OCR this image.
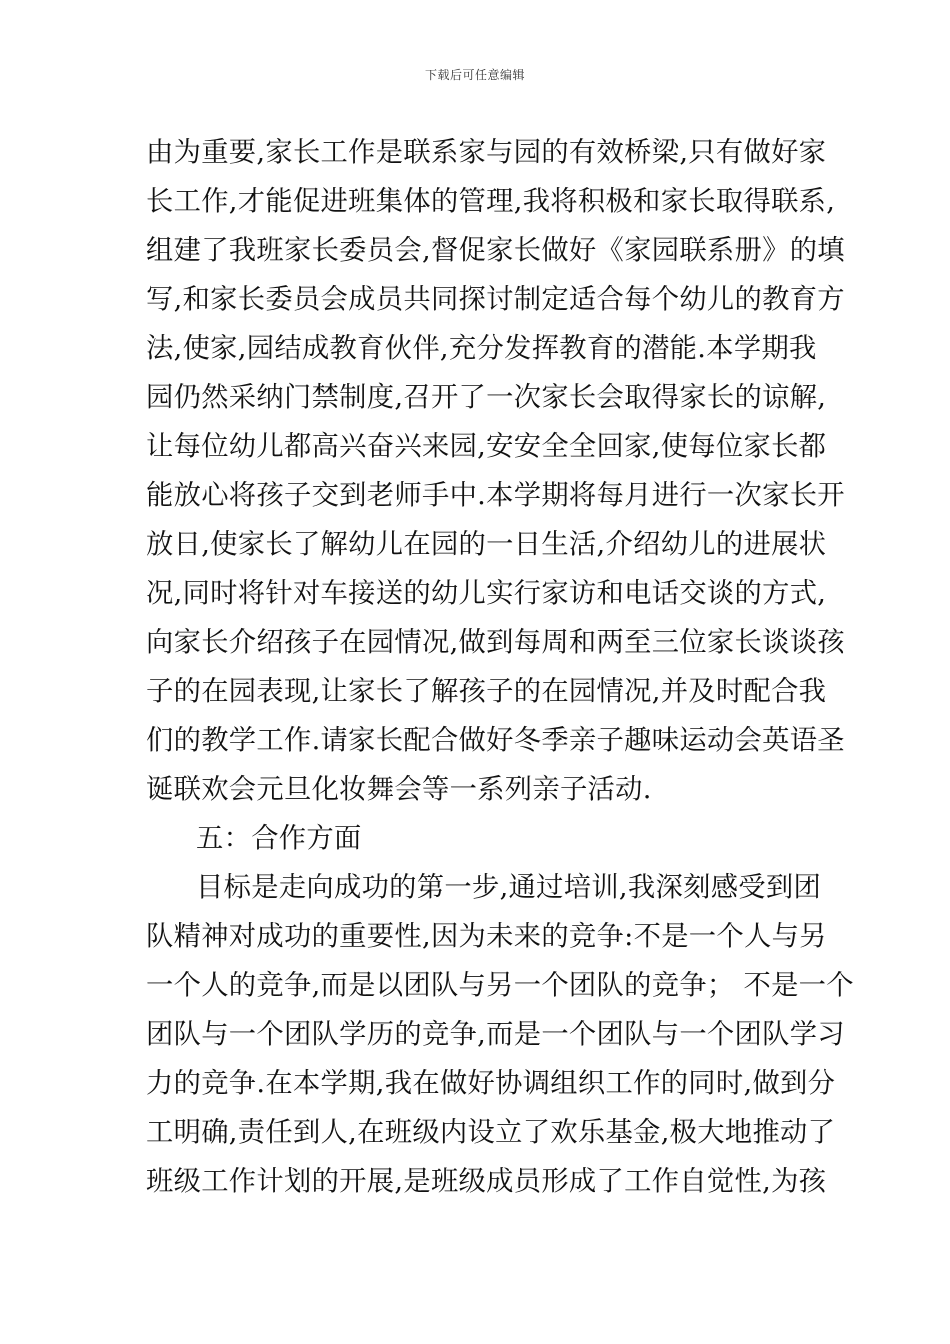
下载后可任意编辑
由为重要,家长工作是联系家与园的有效桥梁,只有做好家
长工作,才能促进班集体的管理,我将积极和家长取得联系,
组建了我班家长委员会,督促家长做好《家园联系册》的填
写,和家长委员会成员共同探讨制定适合每个幼儿的教育方
法,使家,园结成教育伙伴,充分发挥教育的潜能.本学期我
园仍然采纳门禁制度,召开了一次家长会取得家长的谅解,
让每位幼儿都高兴奋兴来园,安安全全回家,使每位家长都
能放心将孩子交到老师手中.本学期将每月进行一次家长开
放日,使家长了解幼儿在园的一日生活,介绍幼儿的进展状
况,同时将针对车接送的幼儿实行家访和电话交谈的方式,
向家长介绍孩子在园情况,做到每周和两至三位家长谈谈孩
子的在园表现,让家长了解孩子的在园情况,并及时配合我
们的教学工作.请家长配合做好冬季亲子趣味运动会英语圣
诞联欢会元旦化妆舞会等一系列亲子活动.
五：合作方面
目标是走向成功的第一步,通过培训,我深刻感受到团
队精神对成功的重要性,因为未来的竞争:不是一个人与另
一个人的竞争,而是以团队与另一个团队的竞争； 不是一个
团队与一个团队学历的竞争,而是一个团队与一个团队学习
力的竞争.在本学期,我在做好协调组织工作的同时,做到分
工明确,责任到人,在班级内设立了欢乐基金,极大地推动了
班级工作计划的开展,是班级成员形成了工作自觉性,为孩
